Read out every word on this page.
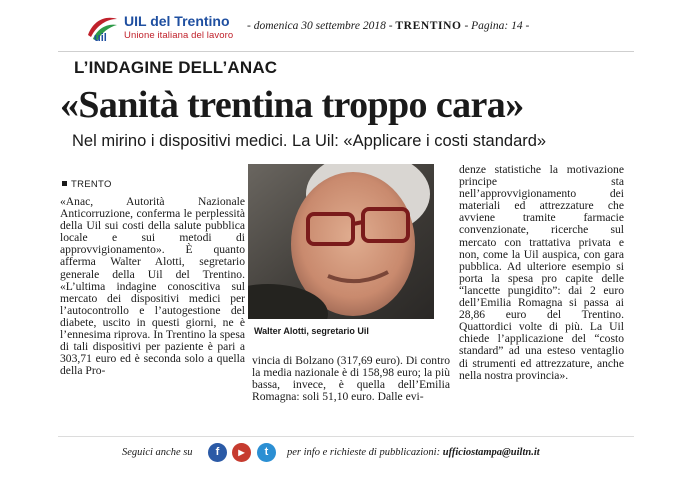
uil
UIL del Trentino
Unione italiana del lavoro
- domenica 30 settembre 2018 - TRENTINO - Pagina: 14 -
L’INDAGINE DELL’ANAC
«Sanità trentina troppo cara»
Nel mirino i dispositivi medici. La Uil: «Applicare i costi standard»
TRENTO
«Anac, Autorità Nazionale Anticorruzione, conferma le perplessità della Uil sui costi della salute pubblica locale e sui metodi di approvvigionamento». È quanto afferma Walter Alotti, segretario generale della Uil del Trentino. «L’ultima indagine conoscitiva sul mercato dei dispositivi medici per l’autocontrollo e l’autogestione del diabete, uscito in questi giorni, ne è l’ennesima riprova. In Trentino la spesa di tali dispositivi per paziente è pari a 303,71 euro ed è seconda solo a quella della Pro-
Walter Alotti, segretario Uil
vincia di Bolzano (317,69 euro). Di contro la media nazionale è di 158,98 euro; la più bassa, invece, è quella dell’Emilia Romagna: soli 51,10 euro. Dalle evi-
denze statistiche la motivazione principe sta nell’approvvigionamento dei materiali ed attrezzature che avviene tramite farmacie convenzionate, ricerche sul mercato con trattativa privata e non, come la Uil auspica, con gara pubblica. Ad ulteriore esempio si porta la spesa pro capite delle “lancette pungidito”: dai 2 euro dell’Emilia Romagna si passa ai 28,86 euro del Trentino. Quattordici volte di più. La Uil chiede l’applicazione del “costo standard” ad una esteso ventaglio di strumenti ed attrezzature, anche nella nostra provincia».
Seguici anche su	f	▶	t	per info e richieste di pubblicazioni: ufficiostampa@uiltn.it
